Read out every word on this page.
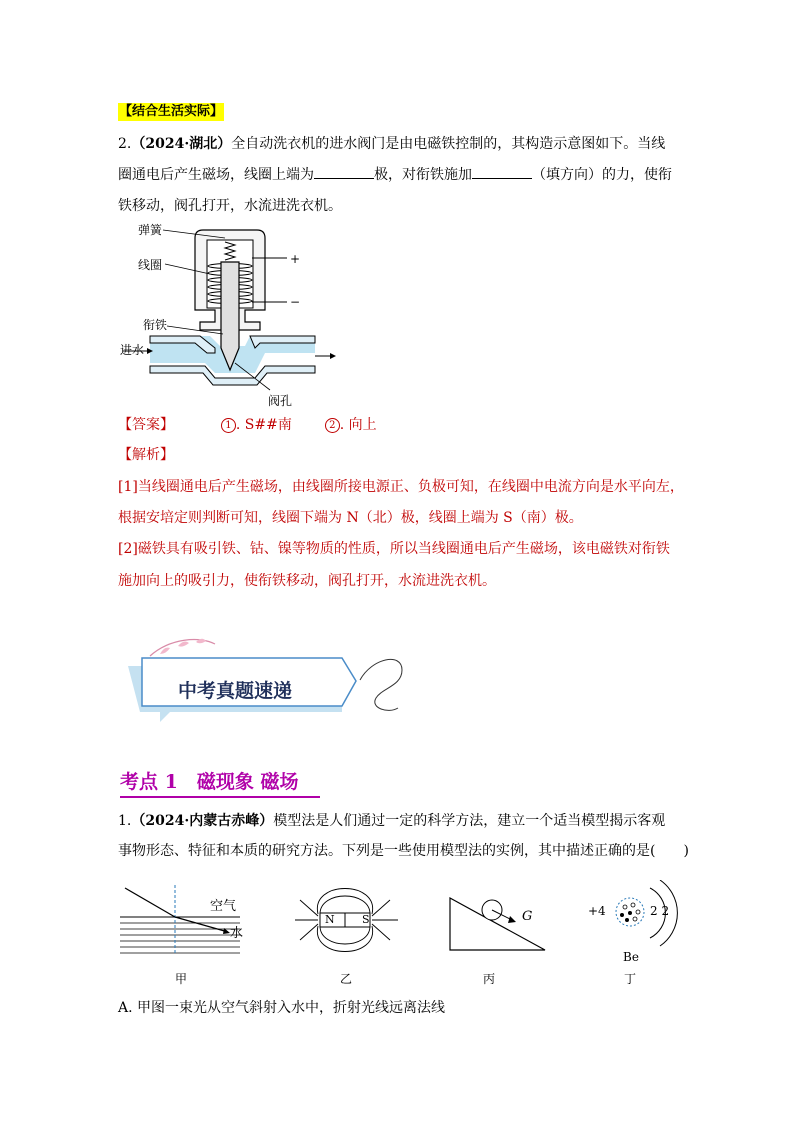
【结合生活实际】
2.（2024·湖北）全自动洗衣机的进水阀门是由电磁铁控制的，其构造示意图如下。当线
圈通电后产生磁场，线圈上端为	极，对衔铁施加	（填方向）的力，使衔
铁移动，阀孔打开，水流进洗衣机。
弹簧
线圈	+
−
衔铁
进水
阀孔
【答案】	1 . S##南	2 . 向上
【解析】
[1]当线圈通电后产生磁场，由线圈所接电源正、负极可知，在线圈中电流方向是水平向左，
根据安培定则判断可知，线圈下端为 N（北）极，线圈上端为 S（南）极。
[2]磁铁具有吸引铁、钴、镍等物质的性质，所以当线圈通电后产生磁场，该电磁铁对衔铁
施加向上的吸引力，使衔铁移动，阀孔打开，水流进洗衣机。
中考真题速递
考点 1　磁现象 磁场
1.（2024·内蒙古赤峰）模型法是人们通过一定的科学方法，建立一个适当模型揭示客观
事物形态、特征和本质的研究方法。下列是一些使用模型法的实例，其中描述正确的是(　　)
空气
水
N S	G	+4	2 2
Be
甲	乙	丙	丁
A. 甲图一束光从空气斜射入水中，折射光线远离法线
